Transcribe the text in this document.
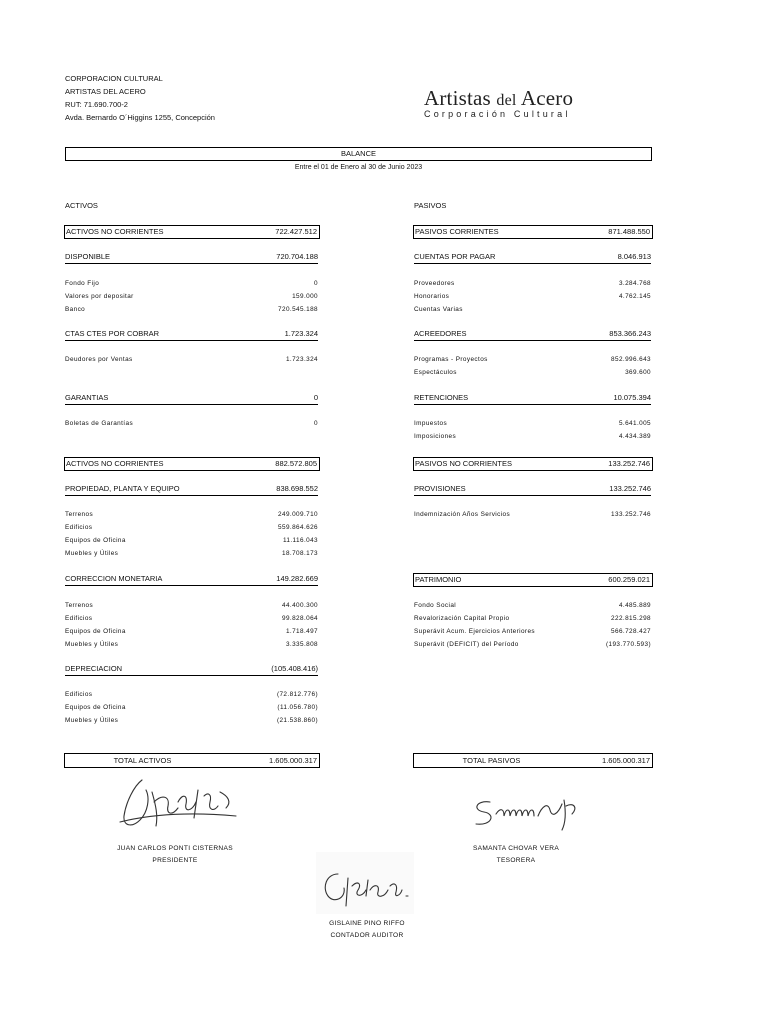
CORPORACION CULTURAL
ARTISTAS DEL ACERO
RUT: 71.690.700-2
Avda. Bernardo O´Higgins 1255, Concepción
Artistas del Acero
Corporación Cultural
BALANCE
Entre el 01 de Enero al 30 de Junio 2023
ACTIVOS	PASIVOS
ACTIVOS NO CORRIENTES	722.427.512
DISPONIBLE	720.704.188
Fondo Fijo	0
Valores por depositar	159.000
Banco	720.545.188
CTAS CTES POR COBRAR	1.723.324
Deudores por Ventas	1.723.324
GARANTIAS	0
Boletas de Garantías	0
ACTIVOS NO CORRIENTES	882.572.805
PROPIEDAD, PLANTA Y EQUIPO	838.698.552
Terrenos	249.009.710
Edificios	559.864.626
Equipos de Oficina	11.116.043
Muebles y Útiles	18.708.173
CORRECCION MONETARIA	149.282.669
Terrenos	44.400.300
Edificios	99.828.064
Equipos de Oficina	1.718.497
Muebles y Útiles	3.335.808
DEPRECIACION	(105.408.416)
Edificios	(72.812.776)
Equipos de Oficina	(11.056.780)
Muebles y Útiles	(21.538.860)
TOTAL ACTIVOS	1.605.000.317
PASIVOS CORRIENTES	871.488.550
CUENTAS POR PAGAR	8.046.913
Proveedores	3.284.768
Honorarios	4.762.145
Cuentas Varias
ACREEDORES	853.366.243
Programas - Proyectos	852.996.643
Espectáculos	369.600
RETENCIONES	10.075.394
Impuestos	5.641.005
Imposiciones	4.434.389
PASIVOS NO CORRIENTES	133.252.746
PROVISIONES	133.252.746
Indemnización Años Servicios	133.252.746
PATRIMONIO	600.259.021
Fondo Social	4.485.889
Revalorización Capital Propio	222.815.298
Superávit Acum. Ejercicios Anteriores	566.728.427
Superávit (DEFICIT) del Período	(193.770.593)
TOTAL PASIVOS	1.605.000.317
JUAN CARLOS PONTI CISTERNAS
PRESIDENTE
SAMANTA CHOVAR VERA
TESORERA
GISLAINE PINO RIFFO
CONTADOR AUDITOR
